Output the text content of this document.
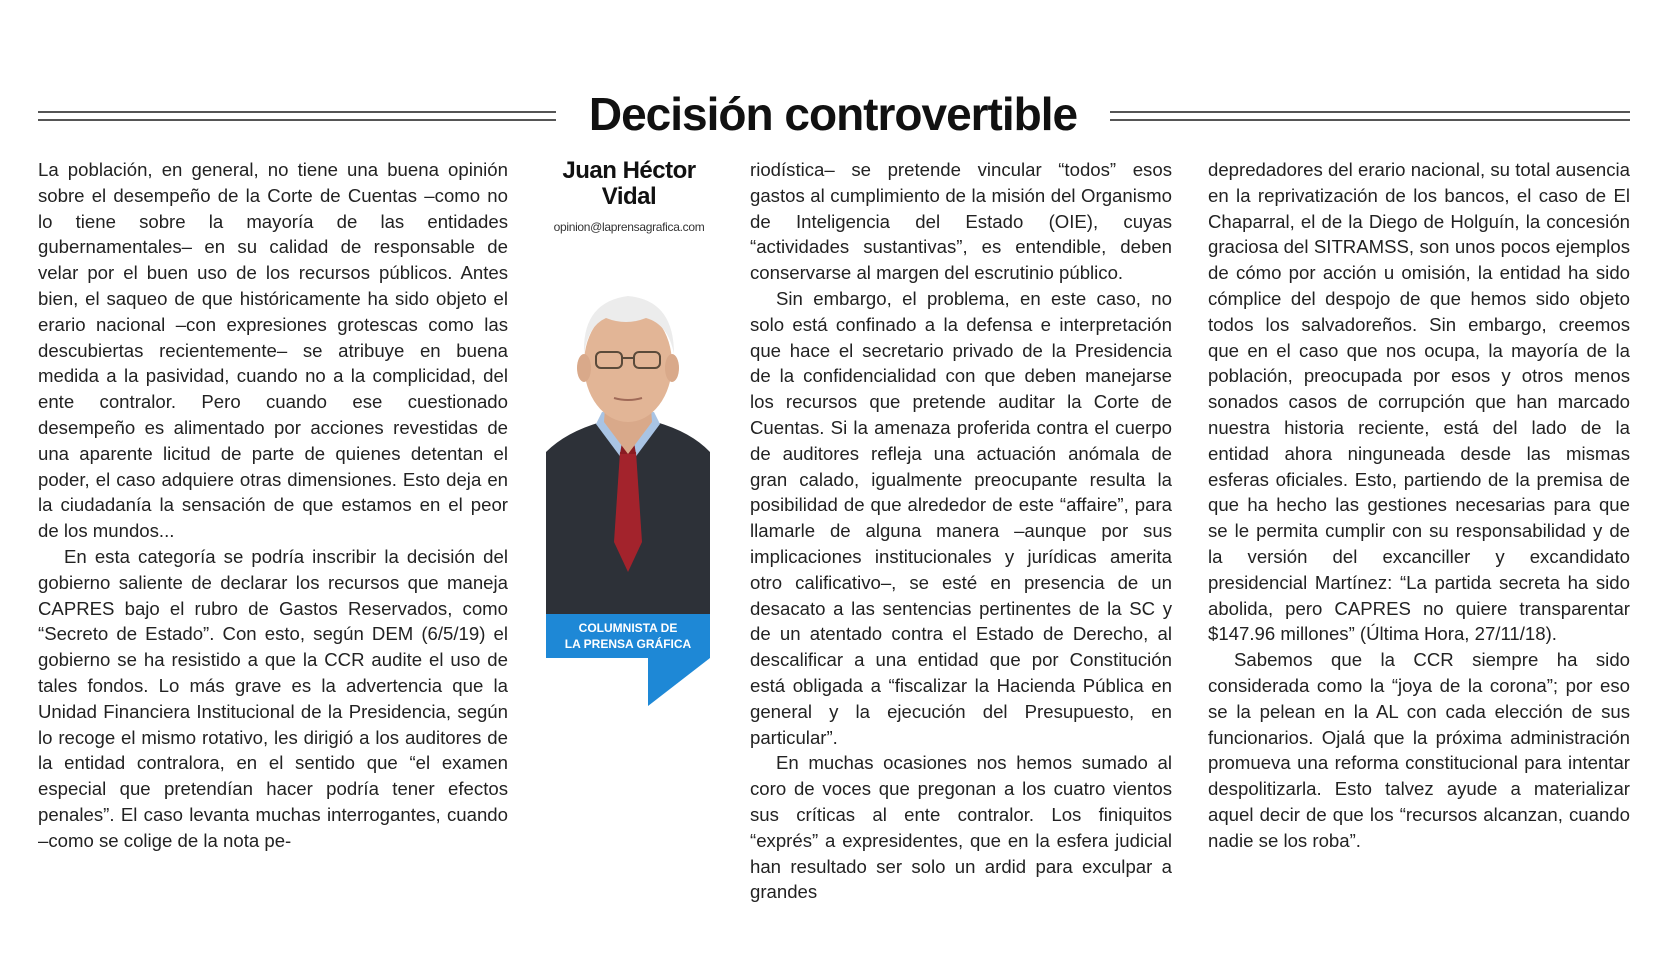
Decisión controvertible

La población, en general, no tiene una buena opinión sobre el desempeño de la Corte de Cuentas –como no lo tiene sobre la mayoría de las entidades gubernamentales– en su calidad de responsable de velar por el buen uso de los recursos públicos. Antes bien, el saqueo de que históricamente ha sido objeto el erario nacional –con expresiones grotescas como las descubiertas recientemente– se atribuye en buena medida a la pasividad, cuando no a la complicidad, del ente contralor. Pero cuando ese cuestionado desempeño es alimentado por acciones revestidas de una aparente licitud de parte de quienes detentan el poder, el caso adquiere otras dimensiones. Esto deja en la ciudadanía la sensación de que estamos en el peor de los mundos...

En esta categoría se podría inscribir la decisión del gobierno saliente de declarar los recursos que maneja CAPRES bajo el rubro de Gastos Reservados, como “Secreto de Estado”. Con esto, según DEM (6/5/19) el gobierno se ha resistido a que la CCR audite el uso de tales fondos. Lo más grave es la advertencia que la Unidad Financiera Institucional de la Presidencia, según lo recoge el mismo rotativo, les dirigió a los auditores de la entidad contralora, en el sentido que “el examen especial que pretendían hacer podría tener efectos penales”. El caso levanta muchas interrogantes, cuando –como se colige de la nota pe-

Juan Héctor
Vidal
opinion@laprensagrafica.com
COLUMNISTA DE
LA PRENSA GRÁFICA

riodística– se pretende vincular “todos” esos gastos al cumplimiento de la misión del Organismo de Inteligencia del Estado (OIE), cuyas “actividades sustantivas”, es entendible, deben conservarse al margen del escrutinio público.

Sin embargo, el problema, en este caso, no solo está confinado a la defensa e interpretación que hace el secretario privado de la Presidencia de la confidencialidad con que deben manejarse los recursos que pretende auditar la Corte de Cuentas. Si la amenaza proferida contra el cuerpo de auditores refleja una actuación anómala de gran calado, igualmente preocupante resulta la posibilidad de que alrededor de este “affaire”, para llamarle de alguna manera –aunque por sus implicaciones institucionales y jurídicas amerita otro calificativo–, se esté en presencia de un desacato a las sentencias pertinentes de la SC y de un atentado contra el Estado de Derecho, al descalificar a una entidad que por Constitución está obligada a “fiscalizar la Hacienda Pública en general y la ejecución del Presupuesto, en particular”.

En muchas ocasiones nos hemos sumado al coro de voces que pregonan a los cuatro vientos sus críticas al ente contralor. Los finiquitos “exprés” a expresidentes, que en la esfera judicial han resultado ser solo un ardid para exculpar a grandes

depredadores del erario nacional, su total ausencia en la reprivatización de los bancos, el caso de El Chaparral, el de la Diego de Holguín, la concesión graciosa del SITRAMSS, son unos pocos ejemplos de cómo por acción u omisión, la entidad ha sido cómplice del despojo de que hemos sido objeto todos los salvadoreños. Sin embargo, creemos que en el caso que nos ocupa, la mayoría de la población, preocupada por esos y otros menos sonados casos de corrupción que han marcado nuestra historia reciente, está del lado de la entidad ahora ninguneada desde las mismas esferas oficiales. Esto, partiendo de la premisa de que ha hecho las gestiones necesarias para que se le permita cumplir con su responsabilidad y de la versión del excanciller y excandidato presidencial Martínez: “La partida secreta ha sido abolida, pero CAPRES no quiere transparentar $147.96 millones” (Última Hora, 27/11/18).

Sabemos que la CCR siempre ha sido considerada como la “joya de la corona”; por eso se la pelean en la AL con cada elección de sus funcionarios. Ojalá que la próxima administración promueva una reforma constitucional para intentar despolitizarla. Esto talvez ayude a materializar aquel decir de que los “recursos alcanzan, cuando nadie se los roba”.
